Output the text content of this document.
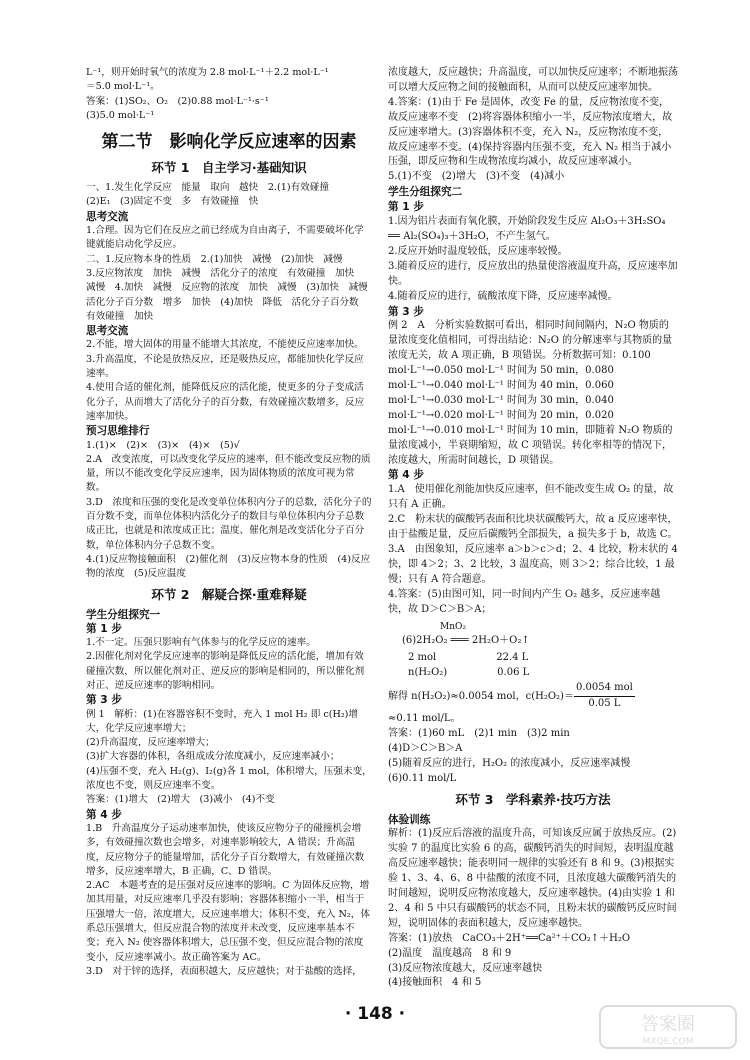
L⁻¹，则开始时氧气的浓度为 2.8 mol·L⁻¹＋2.2 mol·L⁻¹
＝5.0 mol·L⁻¹。
答案：(1)SO₂、O₂　(2)0.88 mol·L⁻¹·s⁻¹
(3)5.0 mol·L⁻¹
第二节　影响化学反应速率的因素
环节 1　自主学习·基础知识
一、1.发生化学反应　能量　取向　越快　2.(1)有效碰撞
(2)E₁　(3)固定不变　多　有效碰撞　快
思考交流
1.合理。因为它们在反应之前已经成为自由离子，不需要破坏化学键就能启动化学反应。
二、1.反应物本身的性质　2.(1)加快　减慢　(2)加快　减慢
3.反应物浓度　加快　减慢　活化分子的浓度　有效碰撞　加快　减慢　4.加快　减慢　反应物的浓度　加快　减慢　(3)加快　减慢　活化分子百分数　增多　加快　(4)加快　降低　活化分子百分数　有效碰撞　加快
思考交流
2.不能，增大固体的用量不能增大其浓度，不能使反应速率加快。
3.升高温度，不论是放热反应，还是吸热反应，都能加快化学反应速率。
4.使用合适的催化剂，能降低反应的活化能，使更多的分子变成活化分子，从而增大了活化分子的百分数，有效碰撞次数增多，反应速率加快。
预习思维排行
1.(1)×　(2)×　(3)×　(4)×　(5)√
2.A　改变浓度，可以改变化学反应的速率，但不能改变反应物的质量，所以不能改变化学反应速率，因为固体物质的浓度可视为常数。
3.D　浓度和压强的变化是改变单位体积内分子的总数，活化分子的百分数不变，而单位体积内活化分子的数目与单位体积内分子总数成正比，也就是和浓度成正比；温度、催化剂是改变活化分子百分数，单位体积内分子总数不变。
4.(1)反应物接触面积　(2)催化剂　(3)反应物本身的性质　(4)反应物的浓度　(5)反应温度
环节 2　解疑合探·重难释疑
学生分组探究一
第 1 步
1.不一定。压强只影响有气体参与的化学反应的速率。
2.因催化剂对化学反应速率的影响是降低反应的活化能，增加有效碰撞次数，所以催化剂对正、逆反应的影响是相同的，所以催化剂对正、逆反应速率的影响相同。
第 3 步
例 1　解析：(1)在容器容积不变时，充入 1 mol H₂ 即 c(H₂)增大，化学反应速率增大；
(2)升高温度，反应速率增大；
(3)扩大容器的体积，各组成成分浓度减小，反应速率减小；
(4)压强不变，充入 H₂(g)、I₂(g)各 1 mol，体积增大，压强未变，浓度也不变，则反应速率不变。
答案：(1)增大　(2)增大　(3)减小　(4)不变
第 4 步
1.B　升高温度分子运动速率加快，使该反应物分子的碰撞机会增多，有效碰撞次数也会增多，对速率影响较大，A 错误；升高温度，反应物分子的能量增加，活化分子百分数增大，有效碰撞次数增多，反应速率增大，B 正确，C、D 错误。
2.AC　本题考查的是压强对反应速率的影响。C 为固体反应物，增加其用量，对反应速率几乎没有影响；容器体积缩小一半，相当于压强增大一倍，浓度增大，反应速率增大；体积不变，充入 N₂，体系总压强增大，但反应混合物的浓度并未改变，反应速率基本不变；充入 N₂ 使容器体积增大，总压强不变，但反应混合物的浓度变小，反应速率减小。故正确答案为 AC。
3.D　对于锌的选择，表面积越大，反应越快；对于盐酸的选择，
浓度越大，反应越快；升高温度，可以加快反应速率；不断地振荡可以增大反应物之间的接触面积，从而可以使反应速率加快。
4.答案：(1)由于 Fe 是固体，改变 Fe 的量，反应物浓度不变，故反应速率不变　(2)将容器体积缩小一半，反应物浓度增大，故反应速率增大。(3)容器体积不变，充入 N₂，反应物浓度不变，故反应速率不变。(4)保持容器内压强不变，充入 N₂ 相当于减小压强，即反应物和生成物浓度均减小，故反应速率减小。
5.(1)不变　(2)增大　(3)不变　(4)减小
学生分组探究二
第 1 步
1.因为铝片表面有氧化膜，开始阶段发生反应 Al₂O₃＋3H₂SO₄ ══ Al₂(SO₄)₃＋3H₂O，不产生氢气。
2.反应开始时温度较低，反应速率较慢。
3.随着反应的进行，反应放出的热量使溶液温度升高，反应速率加快。
4.随着反应的进行，硫酸浓度下降，反应速率减慢。
第 3 步
例 2　A　分析实验数据可看出，相同时间间隔内，N₂O 物质的量浓度变化值相同，可得出结论：N₂O 的分解速率与其物质的量浓度无关，故 A 项正确，B 项错误。分析数据可知：0.100 mol·L⁻¹→0.050 mol·L⁻¹ 时间为 50 min，0.080 mol·L⁻¹→0.040 mol·L⁻¹ 时间为 40 min，0.060 mol·L⁻¹→0.030 mol·L⁻¹ 时间为 30 min，0.040 mol·L⁻¹→0.020 mol·L⁻¹ 时间为 20 min，0.020 mol·L⁻¹→0.010 mol·L⁻¹ 时间为 10 min，即随着 N₂O 物质的量浓度减小，半衰期缩短，故 C 项错误。转化率相等的情况下，浓度越大，所需时间越长，D 项错误。
第 4 步
1.A　使用催化剂能加快反应速率，但不能改变生成 O₂ 的量，故只有 A 正确。
2.C　粉末状的碳酸钙表面积比块状碳酸钙大，故 a 反应速率快，由于盐酸足量，反应后碳酸钙全部损失，a 损失多于 b，故选 C。
3.A　由图象知，反应速率 a＞b＞c＞d；2、4 比较，粉末状的 4 快，即 4＞2；3、2 比较，3 温度高，则 3＞2；综合比较，1 最慢；只有 A 符合题意。
4.答案：(5)由图可知，同一时间内产生 O₂ 越多，反应速率越快，故 D＞C＞B＞A；
MnO₂
(6)2H₂O₂ ═══ 2H₂O＋O₂↑
　　2 mol　　　　　　22.4 L
　　n(H₂O₂)　　　　　0.06 L
解得 n(H₂O₂)≈0.0054 mol，$c(H_2O_2)= \frac{\text{0.0054 mol}}{0.05 L}$
≈0.11 mol/L。
答案：(1)60 mL　(2)1 min　(3)2 min
(4)D＞C＞B＞A
(5)随着反应的进行，H₂O₂ 的浓度减小，反应速率减慢
(6)0.11 mol/L
环节 3　学科素养·技巧方法
体验训练
解析：(1)反应后溶液的温度升高，可知该反应属于放热反应。(2)实验 7 的温度比实验 6 的高，碳酸钙消失的时间短，表明温度越高反应速率越快；能表明同一规律的实验还有 8 和 9。(3)根据实验 1、3、4、6、8 中盐酸的浓度不同，且浓度越大碳酸钙消失的时间越短，说明反应物浓度越大，反应速率越快。(4)由实验 1 和 2、4 和 5 中只有碳酸钙的状态不同，且粉末状的碳酸钙反应时间短，说明固体的表面积越大，反应速率越快。
答案：(1)放热　CaCO₃＋2H⁺══Ca²⁺＋CO₂↑＋H₂O
(2)温度　温度越高　8 和 9
(3)反应物浓度越大，反应速率越快
(4)接触面积　4 和 5
· 148 ·	答案圈
MXQE.COM
